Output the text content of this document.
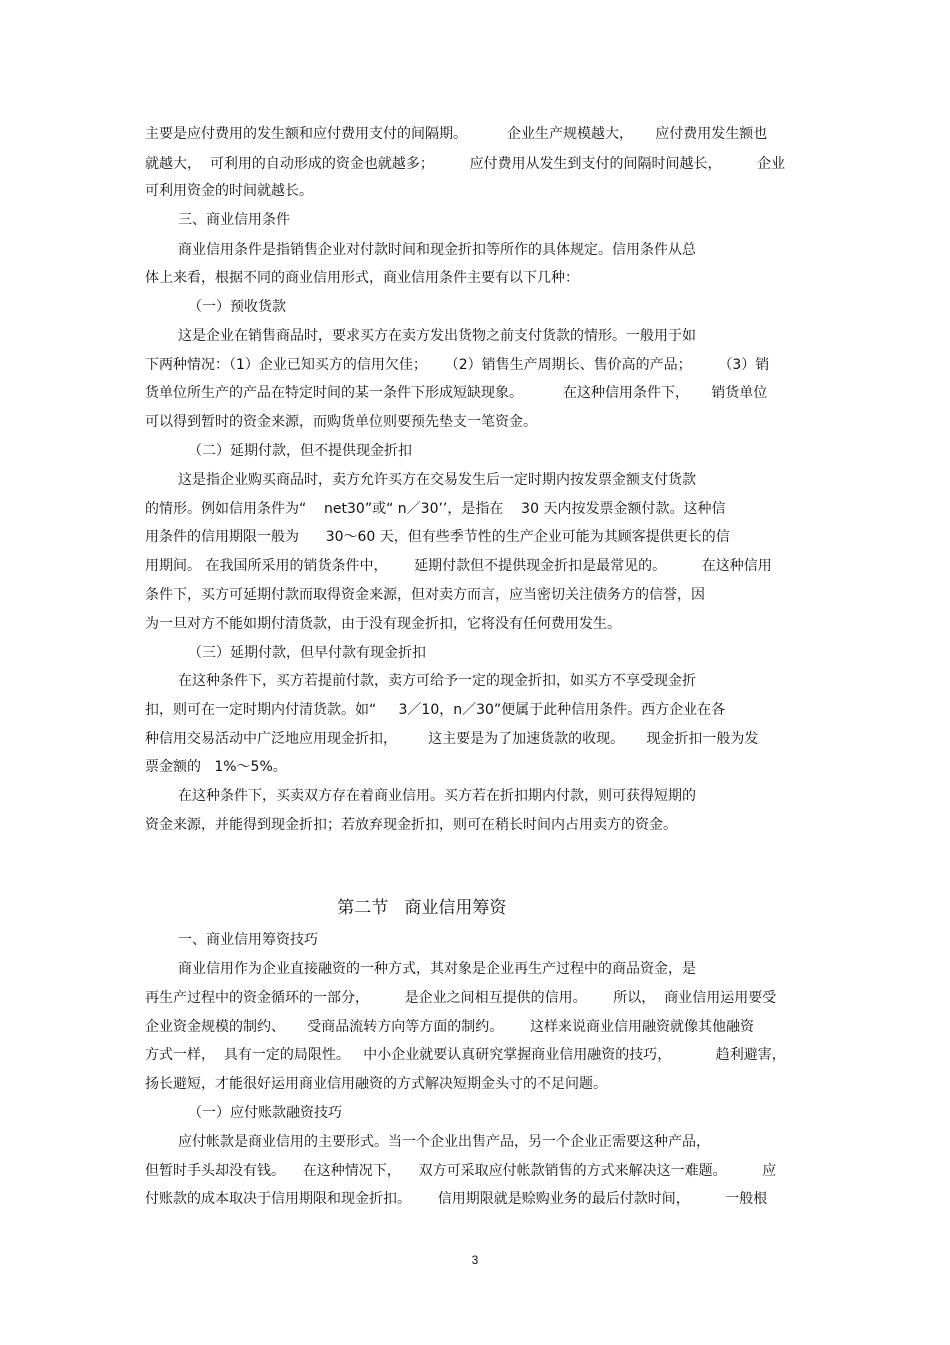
主要是应付费用的发生额和应付费用支付的间隔期。         企业生产规模越大，     应付费用发生额也
就越大，  可利用的自动形成的资金也就越多；        应付费用从发生到支付的间隔时间越长，        企业
可利用资金的时间就越长。
三、商业信用条件
商业信用条件是指销售企业对付款时间和现金折扣等所作的具体规定。信用条件从总
体上来看，根据不同的商业信用形式，商业信用条件主要有以下几种：
（一）预收货款
这是企业在销售商品时，要求买方在卖方发出货物之前支付货款的情形。一般用于如
下两种情况：（1）企业已知买方的信用欠佳；    （2）销售生产周期长、售价高的产品；      （3）销
货单位所生产的产品在特定时间的某一条件下形成短缺现象。         在这种信用条件下，     销货单位
可以得到暂时的资金来源，而购货单位则要预先垫支一笔资金。
（二）延期付款，但不提供现金折扣
这是指企业购买商品时，卖方允许买方在交易发生后一定时期内按发票金额支付货款
的情形。例如信用条件为“    net30”或“ n／30’’，是指在    30 天内按发票金额付款。这种信
用条件的信用期限一般为      30～60 天，但有些季节性的生产企业可能为其顾客提供更长的信
用期间。 在我国所采用的销货条件中，      延期付款但不提供现金折扣是最常见的。        在这种信用
条件下，买方可延期付款而取得资金来源，但对卖方而言，应当密切关注债务方的信誉，因
为一旦对方不能如期付清货款，由于没有现金折扣，它将没有任何费用发生。
（三）延期付款，但早付款有现金折扣
在这种条件下，买方若提前付款，卖方可给予一定的现金折扣，如买方不享受现金折
扣，则可在一定时期内付清货款。如“     3／10，n／30”便属于此种信用条件。西方企业在各
种信用交易活动中广泛地应用现金折扣，       这主要是为了加速货款的收现。     现金折扣一般为发
票金额的   1%～5%。
在这种条件下，买卖双方存在着商业信用。买方若在折扣期内付款，则可获得短期的
资金来源，并能得到现金折扣；若放弃现金折扣，则可在稍长时间内占用卖方的资金。

第二节   商业信用筹资

一、商业信用筹资技巧
商业信用作为企业直接融资的一种方式，其对象是企业再生产过程中的商品资金，是
再生产过程中的资金循环的一部分，        是企业之间相互提供的信用。      所以，  商业信用运用要受
企业资金规模的制约、     受商品流转方向等方面的制约。      这样来说商业信用融资就像其他融资
方式一样，  具有一定的局限性。   中小企业就要认真研究掌握商业信用融资的技巧，          趋利避害，
扬长避短，才能很好运用商业信用融资的方式解决短期金头寸的不足问题。
（一）应付账款融资技巧
应付帐款是商业信用的主要形式。当一个企业出售产品，另一个企业正需要这种产品，
但暂时手头却没有钱。    在这种情况下，    双方可采取应付帐款销售的方式来解决这一难题。        应
付账款的成本取决于信用期限和现金折扣。      信用期限就是赊购业务的最后付款时间，        一般根
3
